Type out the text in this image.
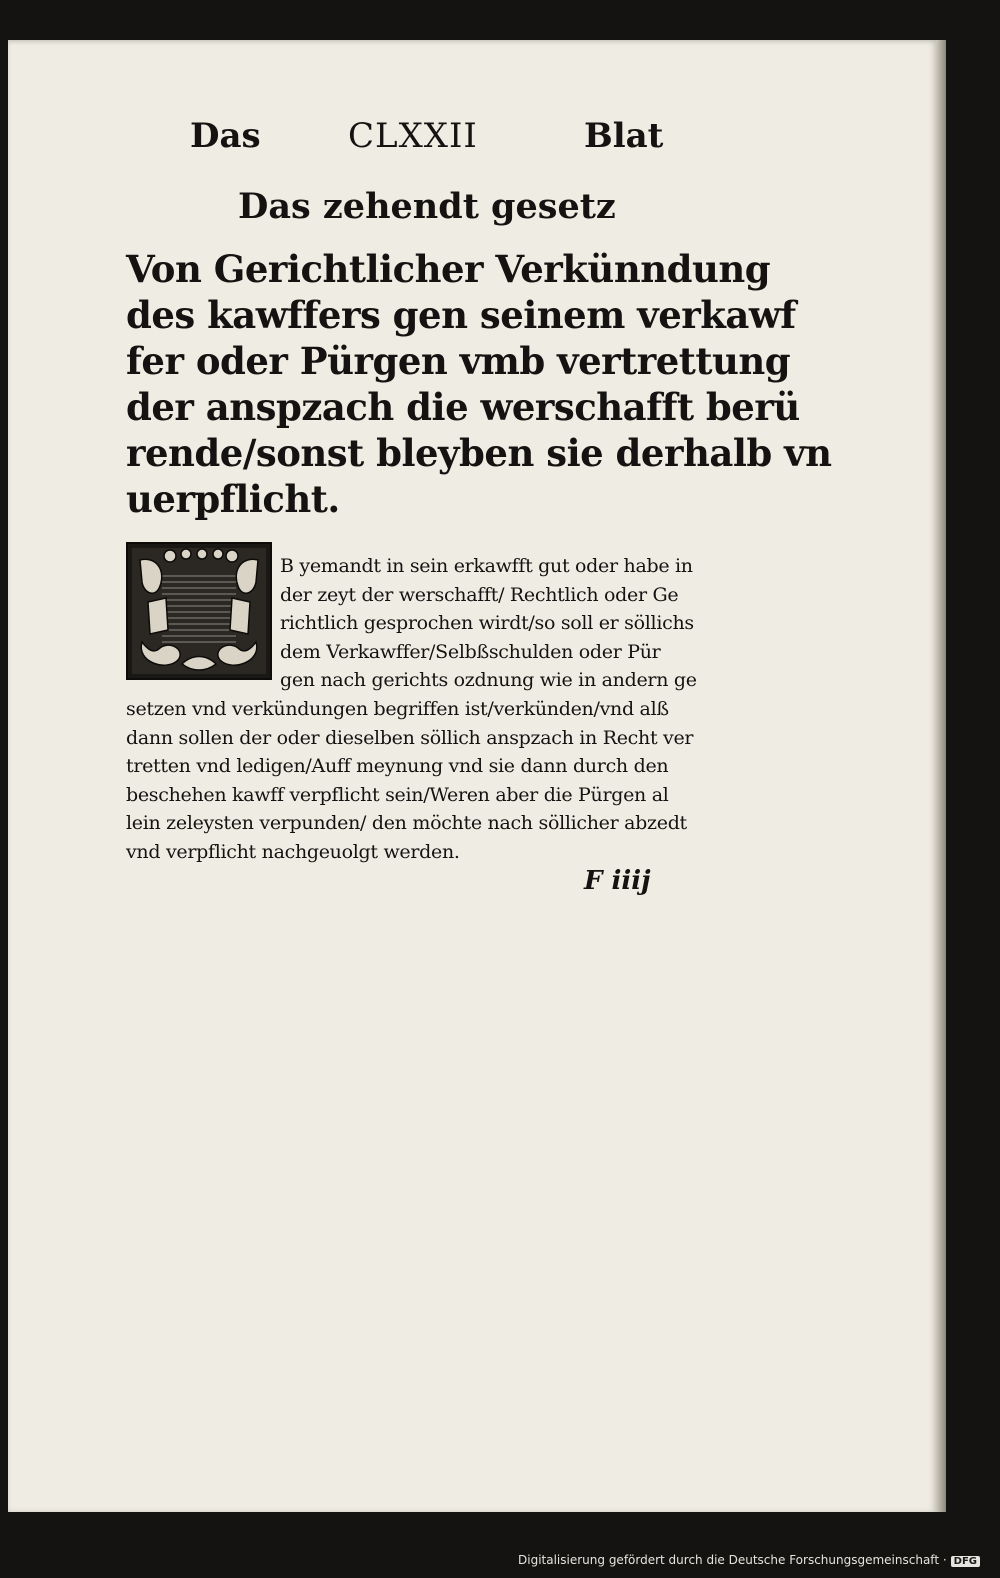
Das	CLXXII	Blat
Das zehendt gesetz
Von Gerichtlicher Verkünndung
des kawffers gen seinem verkawf
fer oder Pürgen vmb vertrettung
der anspzach die werschafft berü
rende/sonst bleyben sie derhalb vn
uerpflicht.
B yemandt in sein erkawfft gut oder habe in
der zeyt der werschafft/ Rechtlich oder Ge
richtlich gesprochen wirdt/so soll er söllichs
dem Verkawffer/Selbßschulden oder Pür
gen nach gerichts ozdnung wie in andern ge
setzen vnd verkündungen begriffen ist/verkünden/vnd alß
dann sollen der oder dieselben söllich anspzach in Recht ver
tretten vnd ledigen/Auff meynung vnd sie dann durch den
beschehen kawff verpflicht sein/Weren aber die Pürgen al
lein zeleysten verpunden/ den möchte nach söllicher abzedt
vnd verpflicht nachgeuolgt werden.
F iiij
Digitalisierung gefördert durch die Deutsche Forschungsgemeinschaft · DFG
